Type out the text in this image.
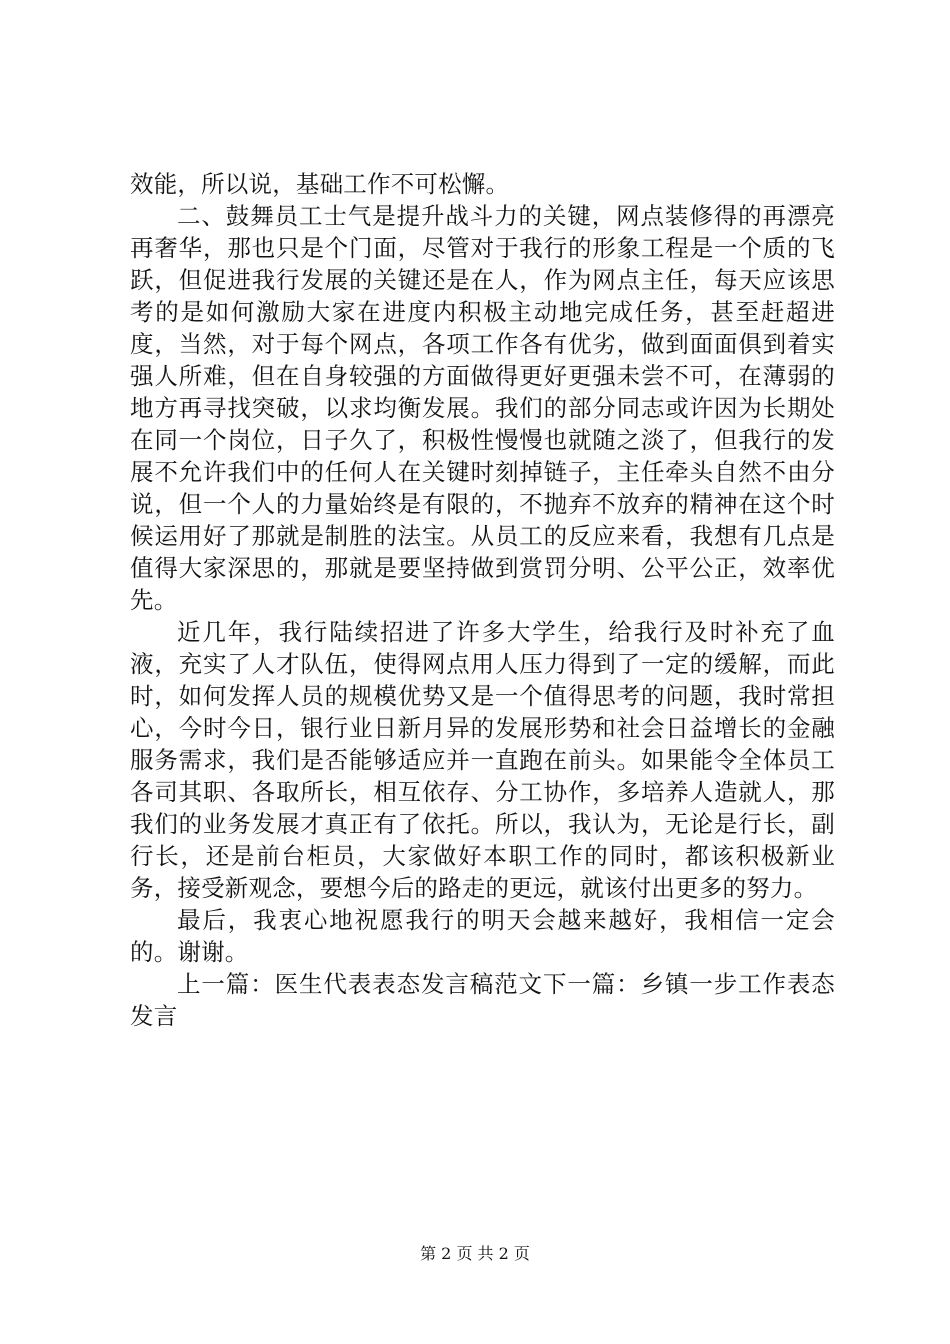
效能，所以说，基础工作不可松懈。

二、鼓舞员工士气是提升战斗力的关键，网点装修得的再漂亮再奢华，那也只是个门面，尽管对于我行的形象工程是一个质的飞跃，但促进我行发展的关键还是在人，作为网点主任，每天应该思考的是如何激励大家在进度内积极主动地完成任务，甚至赶超进度，当然，对于每个网点，各项工作各有优劣，做到面面俱到着实强人所难，但在自身较强的方面做得更好更强未尝不可，在薄弱的地方再寻找突破，以求均衡发展。我们的部分同志或许因为长期处在同一个岗位，日子久了，积极性慢慢也就随之淡了，但我行的发展不允许我们中的任何人在关键时刻掉链子，主任牵头自然不由分说，但一个人的力量始终是有限的，不抛弃不放弃的精神在这个时候运用好了那就是制胜的法宝。从员工的反应来看，我想有几点是值得大家深思的，那就是要坚持做到赏罚分明、公平公正，效率优先。

近几年，我行陆续招进了许多大学生，给我行及时补充了血液，充实了人才队伍，使得网点用人压力得到了一定的缓解，而此时，如何发挥人员的规模优势又是一个值得思考的问题，我时常担心，今时今日，银行业日新月异的发展形势和社会日益增长的金融服务需求，我们是否能够适应并一直跑在前头。如果能令全体员工各司其职、各取所长，相互依存、分工协作，多培养人造就人，那我们的业务发展才真正有了依托。所以，我认为，无论是行长，副行长，还是前台柜员，大家做好本职工作的同时，都该积极新业务，接受新观念，要想今后的路走的更远，就该付出更多的努力。

最后，我衷心地祝愿我行的明天会越来越好，我相信一定会的。谢谢。

上一篇：医生代表表态发言稿范文下一篇：乡镇一步工作表态发言

第 2 页 共 2 页
